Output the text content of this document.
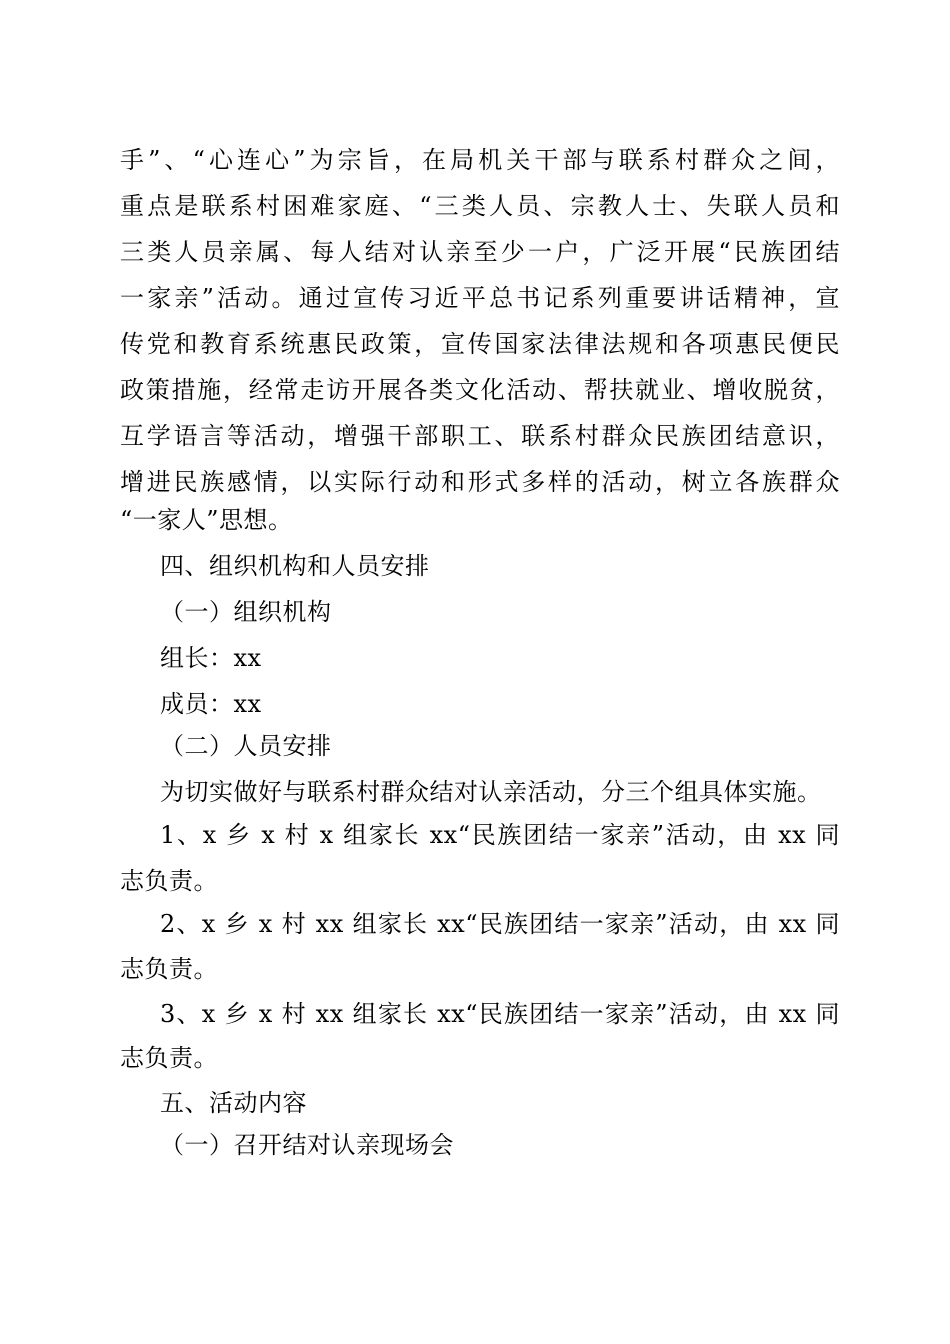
手”、“心连心”为宗旨，在局机关干部与联系村群众之间，
重点是联系村困难家庭、“三类人员、宗教人士、失联人员和
三类人员亲属、每人结对认亲至少一户，广泛开展“民族团结
一家亲”活动。通过宣传习近平总书记系列重要讲话精神，宣
传党和教育系统惠民政策，宣传国家法律法规和各项惠民便民
政策措施，经常走访开展各类文化活动、帮扶就业、增收脱贫，
互学语言等活动，增强干部职工、联系村群众民族团结意识，
增进民族感情，以实际行动和形式多样的活动，树立各族群众
“一家人”思想。
四、组织机构和人员安排
（一）组织机构
组长：xx
成员：xx
（二）人员安排
为切实做好与联系村群众结对认亲活动，分三个组具体实施。
1、x 乡 x 村 x 组家长 xx“民族团结一家亲”活动，由 xx 同
志负责。
2、x 乡 x 村 xx 组家长 xx“民族团结一家亲”活动，由 xx 同
志负责。
3、x 乡 x 村 xx 组家长 xx“民族团结一家亲”活动，由 xx 同
志负责。
五、活动内容
（一）召开结对认亲现场会
